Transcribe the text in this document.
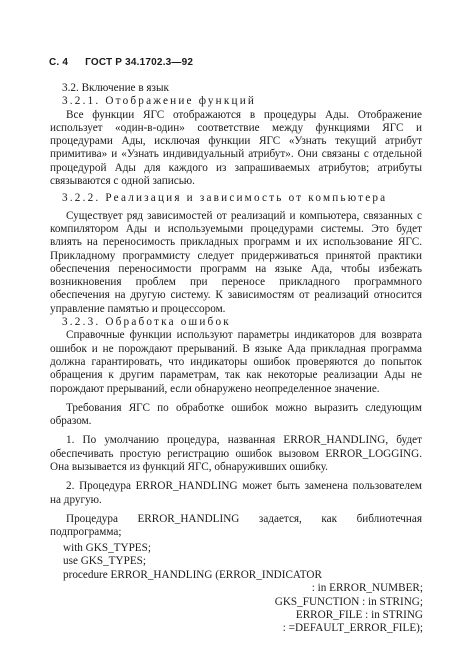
С. 4 ГОСТ Р 34.1702.3—92

3.2. Включение в язык

3.2.1. Отображение функций

Все функции ЯГС отображаются в процедуры Ады. Отображение использует «один-в-один» соответствие между функциями ЯГС и процедурами Ады, исключая функции ЯГС «Узнать текущий атрибут примитива» и «Узнать индивидуальный атрибут». Они связаны с отдельной процедурой Ады для каждого из запрашиваемых атрибутов; атрибуты связываются с одной записью.

3.2.2. Реализация и зависимость от компьютера

Существует ряд зависимостей от реализаций и компьютера, связанных с компилятором Ады и используемыми процедурами системы. Это будет влиять на переносимость прикладных программ и их использование ЯГС. Прикладному программисту следует придерживаться принятой практики обеспечения переносимости программ на языке Ада, чтобы избежать возникновения проблем при переносе прикладного программного обеспечения на другую систему. К зависимостям от реализаций относится управление памятью и процессором.

3.2.3. Обработка ошибок

Справочные функции используют параметры индикаторов для возврата ошибок и не порождают прерываний. В языке Ада прикладная программа должна гарантировать, что индикаторы ошибок проверяются до попыток обращения к другим параметрам, так как некоторые реализации Ады не порождают прерываний, если обнаружено неопределенное значение.

Требования ЯГС по обработке ошибок можно выразить следующим образом.

1. По умолчанию процедура, названная ERROR_HANDLING, будет обеспечивать простую регистрацию ошибок вызовом ERROR_LOGGING. Она вызывается из функций ЯГС, обнаруживших ошибку.

2. Процедура ERROR_HANDLING может быть заменена пользователем на другую.

Процедура ERROR_HANDLING задается, как библиотечная подпрограмма;

with GKS_TYPES;
use GKS_TYPES;
procedure ERROR_HANDLING (ERROR_INDICATOR
: in ERROR_NUMBER;
GKS_FUNCTION : in STRING;
ERROR_FILE : in STRING
: =DEFAULT_ERROR_FILE);
